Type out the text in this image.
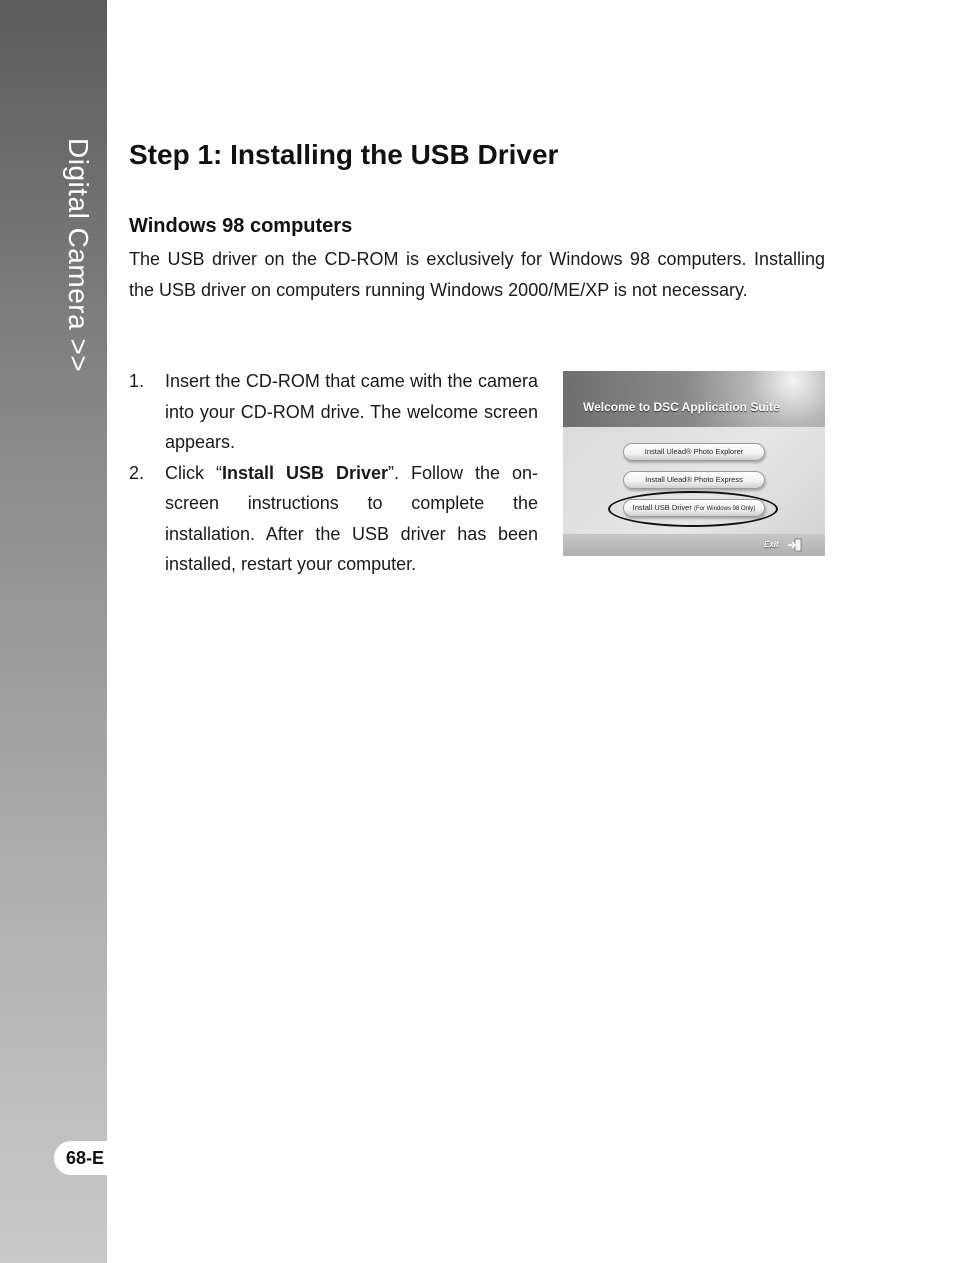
Digital Camera >>
68-E
Step 1: Installing the USB Driver
Windows 98 computers

The USB driver on the CD-ROM is exclusively for Windows 98 computers. Installing the USB driver on computers running Windows 2000/ME/XP is not necessary.

1. Insert the CD-ROM that came with the camera into your CD-ROM drive. The welcome screen appears.
2. Click “Install USB Driver”. Follow the on-screen instructions to complete the installation. After the USB driver has been installed, restart your computer.
Welcome to DSC Application Suite
Install Ulead® Photo Explorer
Install Ulead® Photo Express
Install USB Driver (For Windows 98 Only)
Exit
